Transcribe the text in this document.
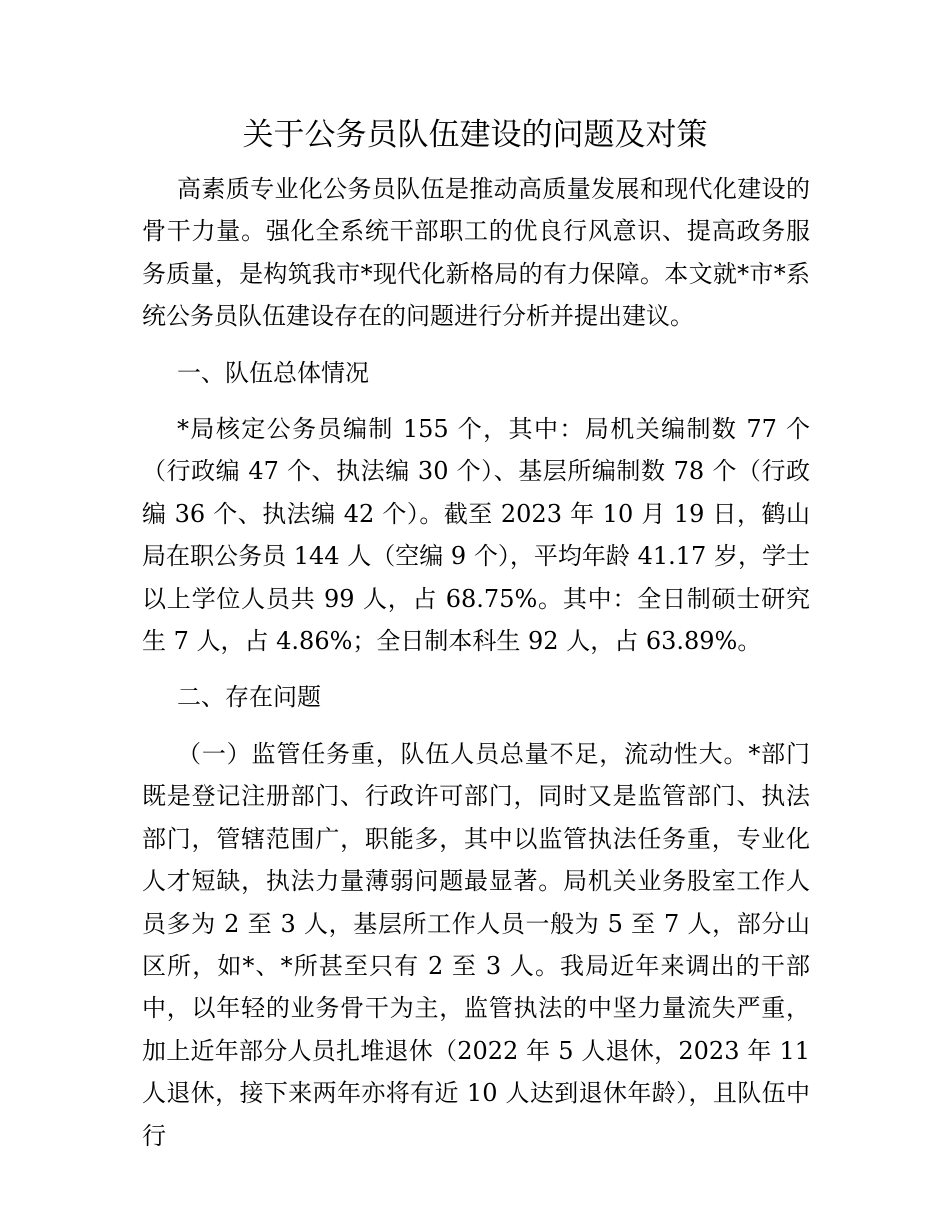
关于公务员队伍建设的问题及对策

高素质专业化公务员队伍是推动高质量发展和现代化建设的骨干力量。强化全系统干部职工的优良行风意识、提高政务服务质量，是构筑我市*现代化新格局的有力保障。本文就*市*系统公务员队伍建设存在的问题进行分析并提出建议。

一、队伍总体情况

*局核定公务员编制 155 个，其中：局机关编制数 77 个（行政编 47 个、执法编 30 个）、基层所编制数 78 个（行政编 36 个、执法编 42 个）。截至 2023 年 10 月 19 日，鹤山局在职公务员 144 人（空编 9 个），平均年龄 41.17 岁，学士以上学位人员共 99 人，占 68.75%。其中：全日制硕士研究生 7 人，占 4.86%；全日制本科生 92 人，占 63.89%。

二、存在问题

（一）监管任务重，队伍人员总量不足，流动性大。*部门既是登记注册部门、行政许可部门，同时又是监管部门、执法部门，管辖范围广，职能多，其中以监管执法任务重，专业化人才短缺，执法力量薄弱问题最显著。局机关业务股室工作人员多为 2 至 3 人，基层所工作人员一般为 5 至 7 人，部分山区所，如*、*所甚至只有 2 至 3 人。我局近年来调出的干部中，以年轻的业务骨干为主，监管执法的中坚力量流失严重，加上近年部分人员扎堆退休（2022 年 5 人退休，2023 年 11 人退休，接下来两年亦将有近 10 人达到退休年龄），且队伍中行
